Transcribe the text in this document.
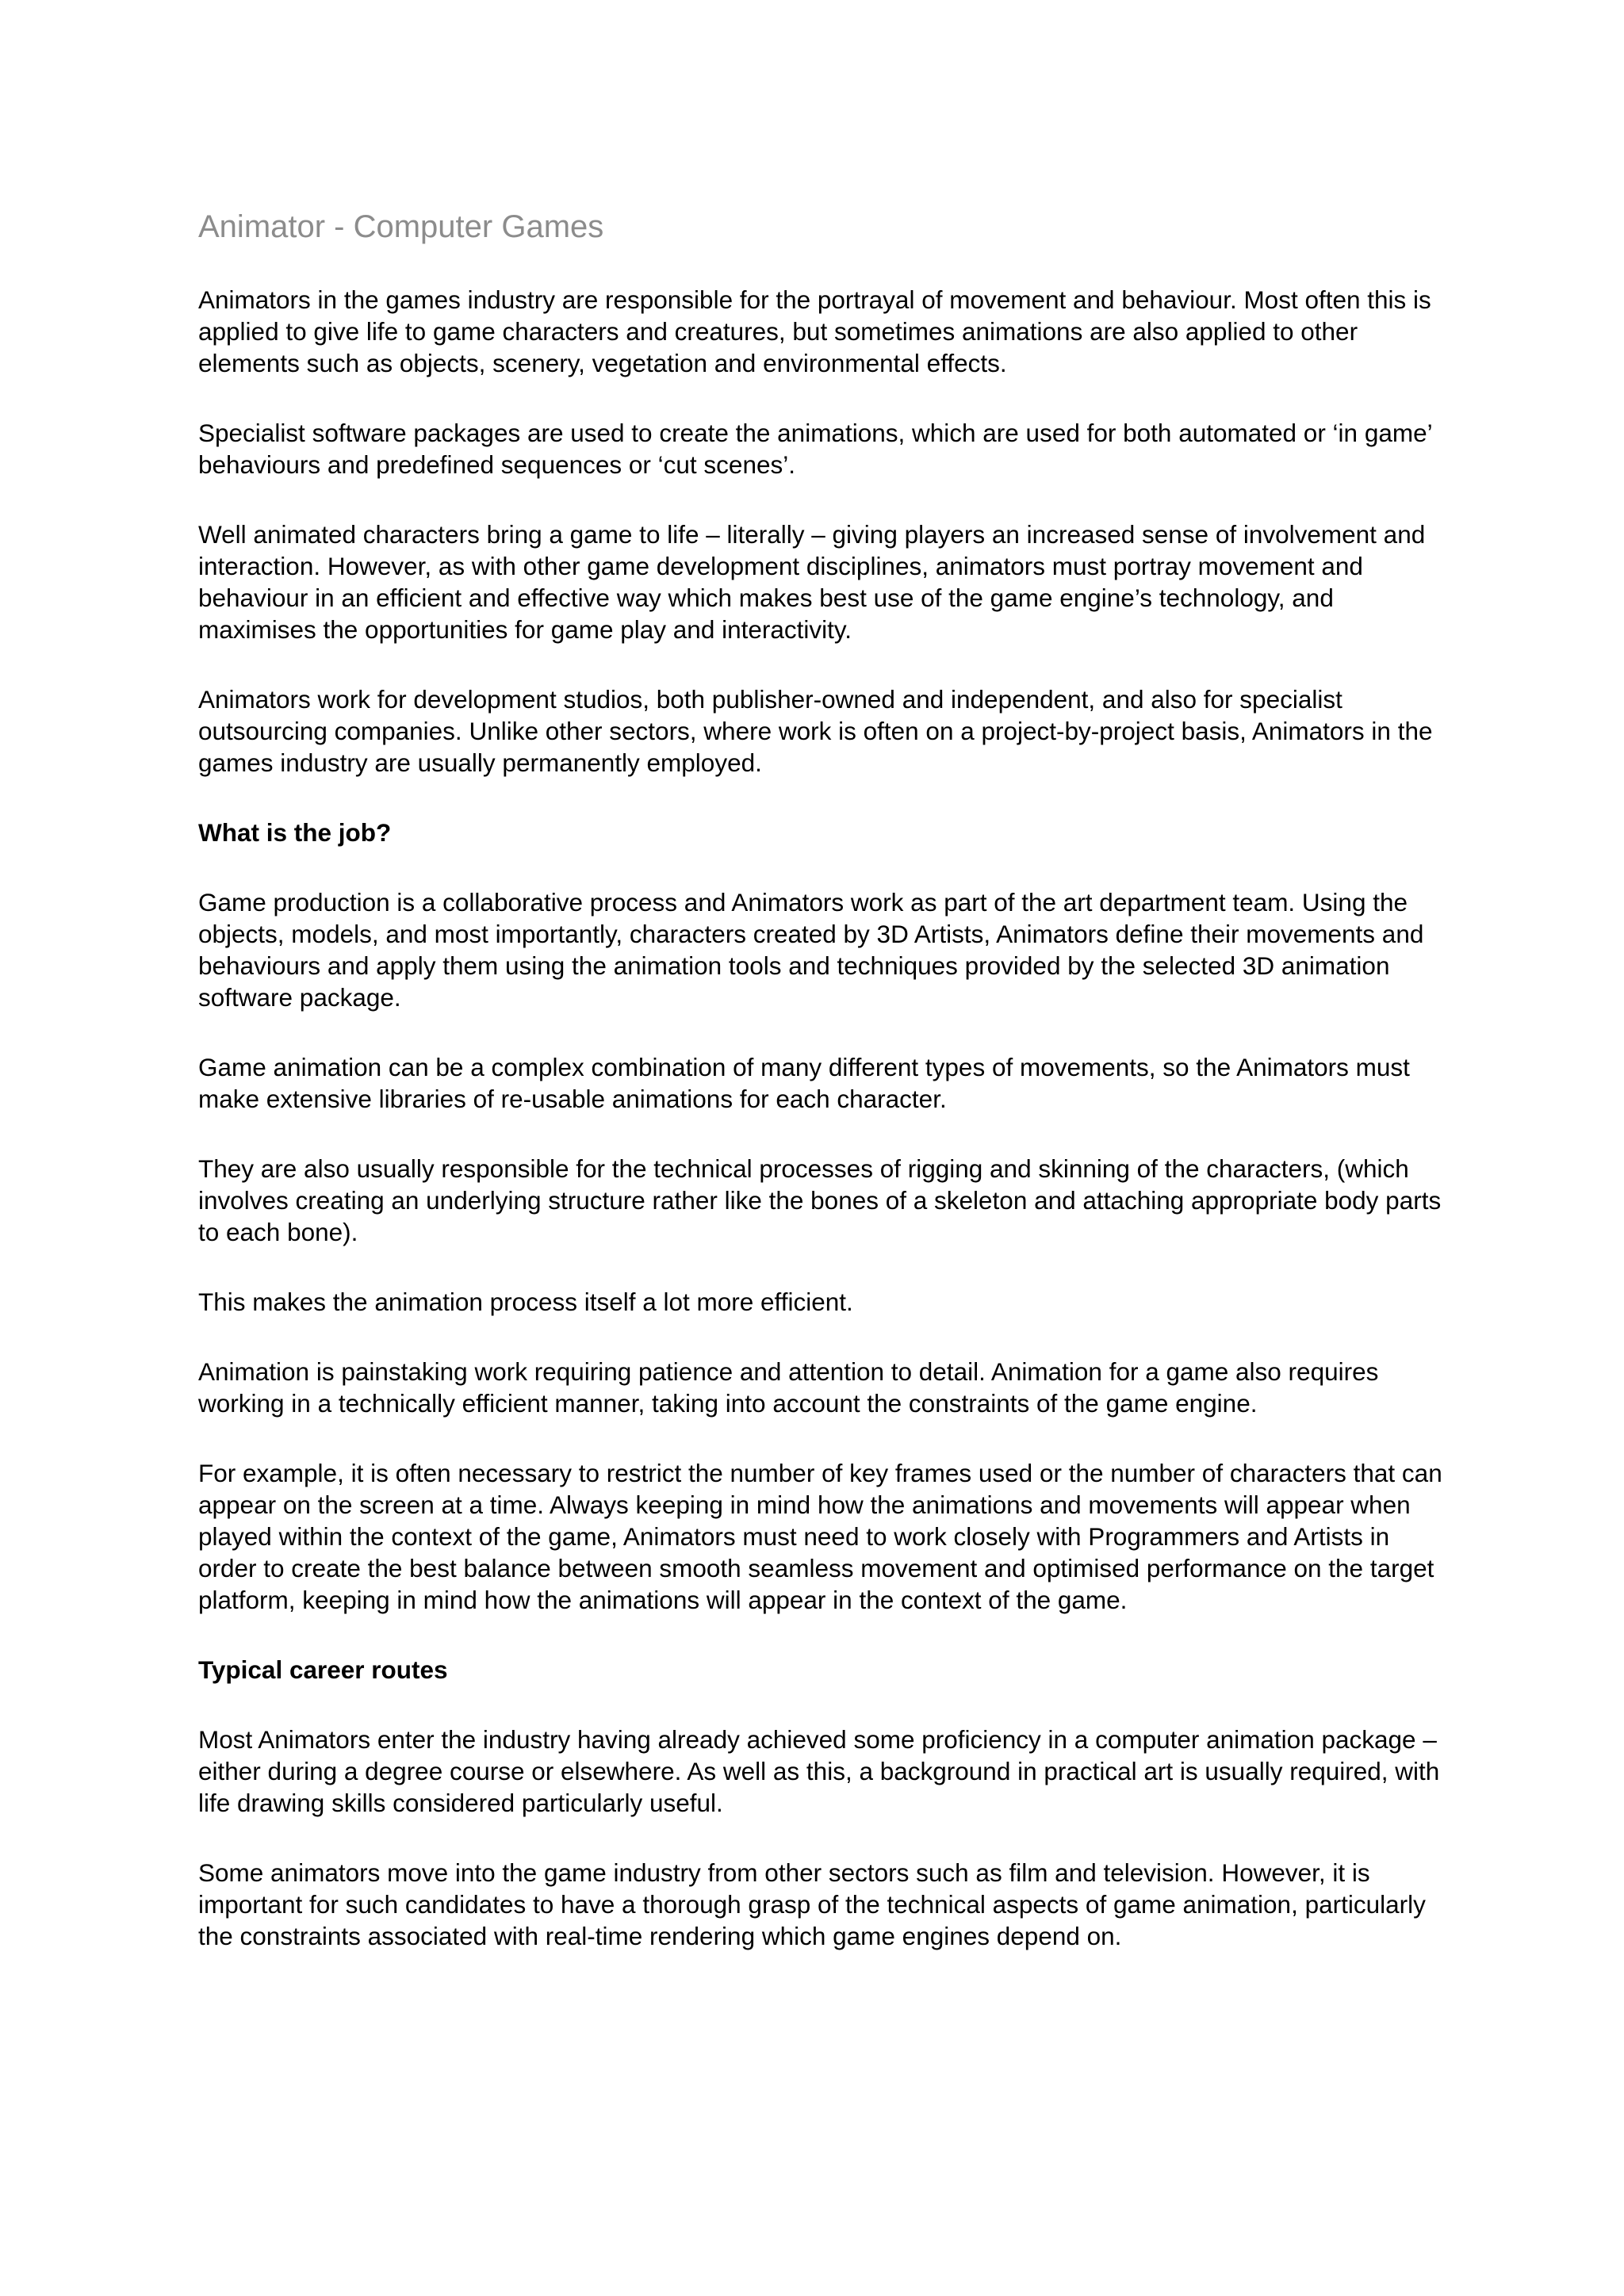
Animator - Computer Games

Animators in the games industry are responsible for the portrayal of movement and behaviour. Most often this is applied to give life to game characters and creatures, but sometimes animations are also applied to other elements such as objects, scenery, vegetation and environmental effects.

Specialist software packages are used to create the animations, which are used for both automated or ‘in game’ behaviours and predefined sequences or ‘cut scenes’.

Well animated characters bring a game to life – literally – giving players an increased sense of involvement and interaction. However, as with other game development disciplines, animators must portray movement and behaviour in an efficient and effective way which makes best use of the game engine’s technology, and maximises the opportunities for game play and interactivity.

Animators work for development studios, both publisher-owned and independent, and also for specialist outsourcing companies. Unlike other sectors, where work is often on a project-by-project basis, Animators in the games industry are usually permanently employed.

What is the job?

Game production is a collaborative process and Animators work as part of the art department team. Using the objects, models, and most importantly, characters created by 3D Artists, Animators define their movements and behaviours and apply them using the animation tools and techniques provided by the selected 3D animation software package.

Game animation can be a complex combination of many different types of movements, so the Animators must make extensive libraries of re-usable animations for each character.

They are also usually responsible for the technical processes of rigging and skinning of the characters, (which involves creating an underlying structure rather like the bones of a skeleton and attaching appropriate body parts to each bone).

This makes the animation process itself a lot more efficient.

Animation is painstaking work requiring patience and attention to detail. Animation for a game also requires working in a technically efficient manner, taking into account the constraints of the game engine.

For example, it is often necessary to restrict the number of key frames used or the number of characters that can appear on the screen at a time. Always keeping in mind how the animations and movements will appear when played within the context of the game, Animators must need to work closely with Programmers and Artists in order to create the best balance between smooth seamless movement and optimised performance on the target platform, keeping in mind how the animations will appear in the context of the game.

Typical career routes

Most Animators enter the industry having already achieved some proficiency in a computer animation package – either during a degree course or elsewhere. As well as this, a background in practical art is usually required, with life drawing skills considered particularly useful.

Some animators move into the game industry from other sectors such as film and television. However, it is important for such candidates to have a thorough grasp of the technical aspects of game animation, particularly the constraints associated with real-time rendering which game engines depend on.
